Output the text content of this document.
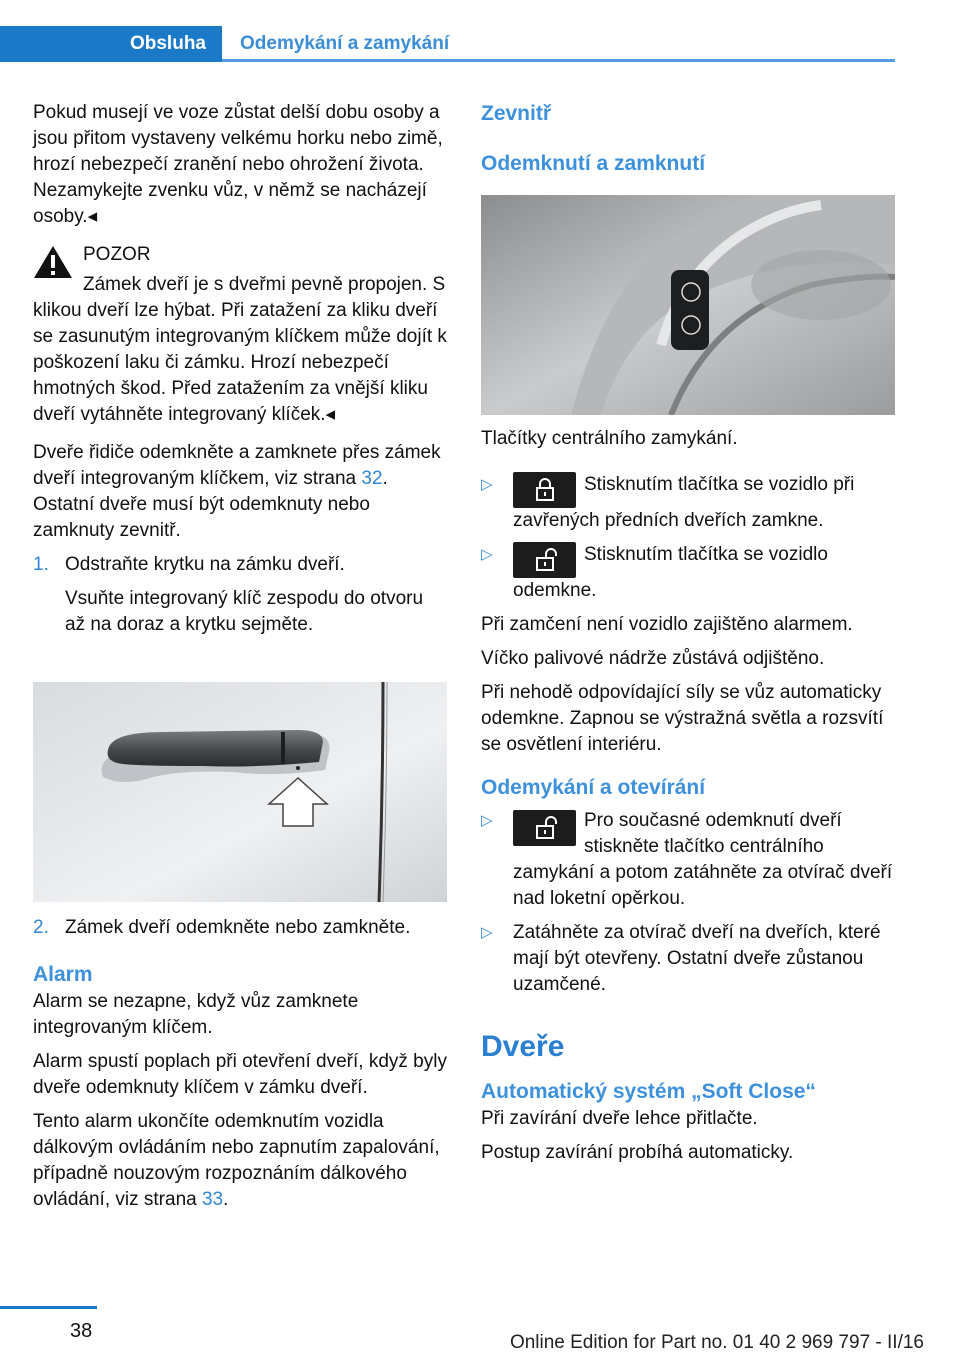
Obsluha	Odemykání a zamykání

Pokud musejí ve voze zůstat delší dobu osoby a jsou přitom vystaveny velkému horku nebo zimě, hrozí nebezpečí zranění nebo ohrožení života. Nezamykejte zvenku vůz, v němž se nacházejí osoby.◂

POZOR

Zámek dveří je s dveřmi pevně propojen. S klikou dveří lze hýbat. Při zatažení za kliku dveří se zasunutým integrovaným klíčkem může dojít k poškození laku či zámku. Hrozí nebezpečí hmotných škod. Před zatažením za vnější kliku dveří vytáhněte integrovaný klíček.◂

Dveře řidiče odemkněte a zamknete přes zámek dveří integrovaným klíčkem, viz strana 32. Ostatní dveře musí být odemknuty nebo zamknuty zevnitř.

1. Odstraňte krytku na zámku dveří.

Vsuňte integrovaný klíč zespodu do otvoru až na doraz a krytku sejměte.

2. Zámek dveří odemkněte nebo zamkněte.

Alarm

Alarm se nezapne, když vůz zamknete integrovaným klíčem.

Alarm spustí poplach při otevření dveří, když byly dveře odemknuty klíčem v zámku dveří.

Tento alarm ukončíte odemknutím vozidla dálkovým ovládáním nebo zapnutím zapalování, případně nouzovým rozpoznáním dálkového ovládání, viz strana 33.

Zevnitř
Odemknutí a zamknutí

Tlačítky centrálního zamykání.

▷	Stisknutím tlačítka se vozidlo při zavřených předních dveřích zamkne.
▷	Stisknutím tlačítka se vozidlo odemkne.

Při zamčení není vozidlo zajištěno alarmem.

Víčko palivové nádrže zůstává odjištěno.

Při nehodě odpovídající síly se vůz automaticky odemkne. Zapnou se výstražná světla a rozsvítí se osvětlení interiéru.

Odemykání a otevírání
▷	Pro současné odemknutí dveří stiskněte tlačítko centrálního zamykání a potom zatáhněte za otvírač dveří nad loketní opěrkou.
▷ Zatáhněte za otvírač dveří na dveřích, které mají být otevřeny. Ostatní dveře zůstanou uzamčené.
Dveře
Automatický systém „Soft Close“

Při zavírání dveře lehce přitlačte.

Postup zavírání probíhá automaticky.

38
Online Edition for Part no. 01 40 2 969 797 - II/16
